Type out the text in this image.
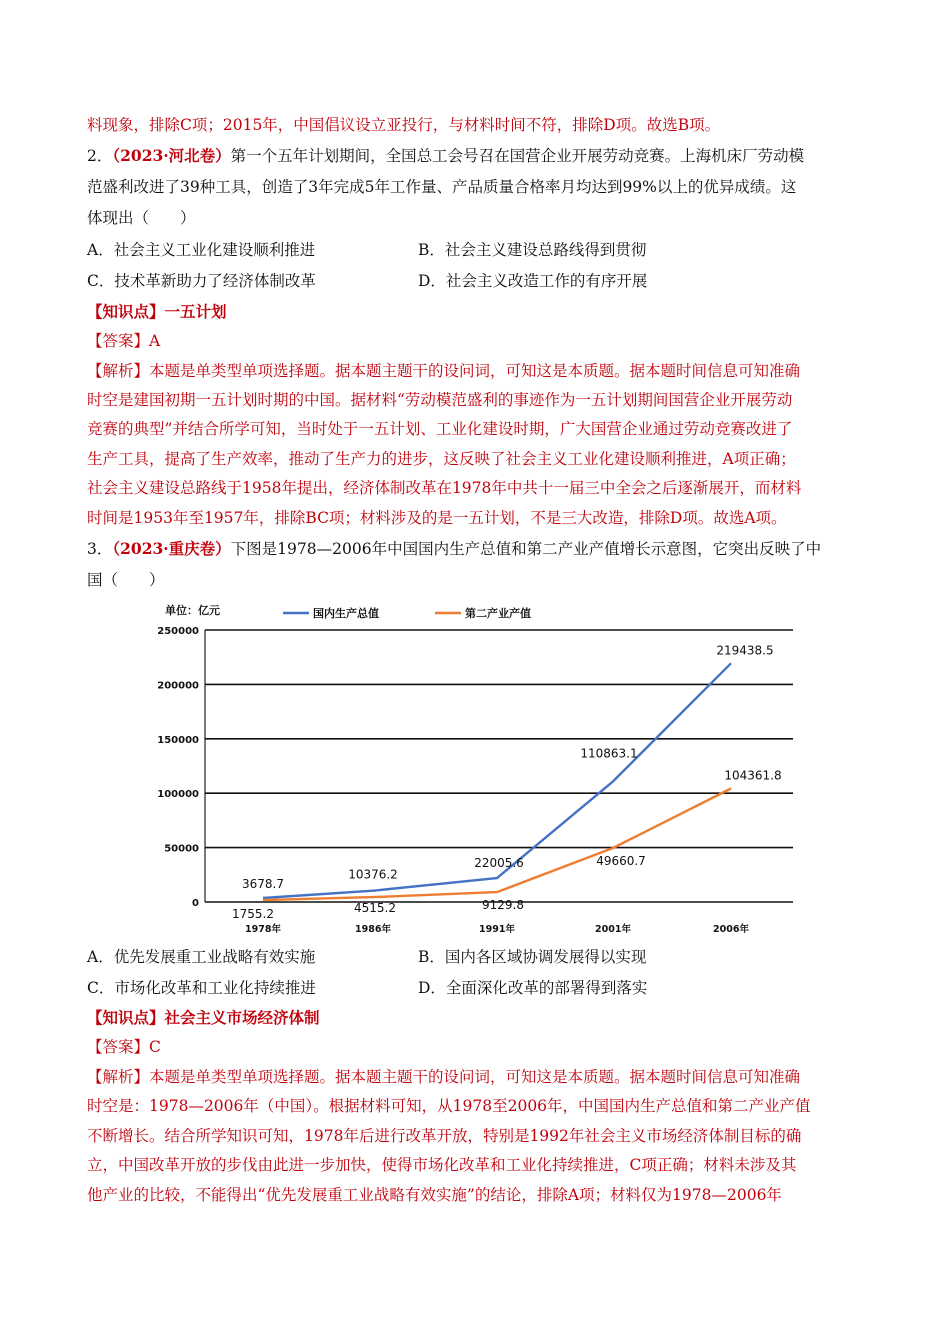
料现象，排除C项；2015年，中国倡议设立亚投行，与材料时间不符，排除D项。故选B项。
2．（2023·河北卷）第一个五年计划期间，全国总工会号召在国营企业开展劳动竞赛。上海机床厂劳动模
范盛利改进了39种工具，创造了3年完成5年工作量、产品质量合格率月均达到99%以上的优异成绩。这
体现出（　　）
A．社会主义工业化建设顺利推进	B．社会主义建设总路线得到贯彻
C．技术革新助力了经济体制改革	D．社会主义改造工作的有序开展
【知识点】一五计划
【答案】A
【解析】本题是单类型单项选择题。据本题主题干的设问词，可知这是本质题。据本题时间信息可知准确
时空是建国初期一五计划时期的中国。据材料“劳动模范盛利的事迹作为一五计划期间国营企业开展劳动
竞赛的典型”并结合所学可知，当时处于一五计划、工业化建设时期，广大国营企业通过劳动竞赛改进了
生产工具，提高了生产效率，推动了生产力的进步，这反映了社会主义工业化建设顺利推进，A项正确；
社会主义建设总路线于1958年提出，经济体制改革在1978年中共十一届三中全会之后逐渐展开，而材料
时间是1953年至1957年，排除BC项；材料涉及的是一五计划，不是三大改造，排除D项。故选A项。
3．（2023·重庆卷）下图是1978—2006年中国国内生产总值和第二产业产值增长示意图，它突出反映了中
国（　　）
单位：亿元	国内生产总值	第二产业产值
0
50000
100000
150000
200000
250000
1978年	1986年	1991年	2001年	2006年
3678.7
10376.2
22005.6
110863.1
219438.5
1755.2	4515.2	9129.8
49660.7
104361.8
A．优先发展重工业战略有效实施	B．国内各区域协调发展得以实现
C．市场化改革和工业化持续推进	D．全面深化改革的部署得到落实
【知识点】社会主义市场经济体制
【答案】C
【解析】本题是单类型单项选择题。据本题主题干的设问词，可知这是本质题。据本题时间信息可知准确
时空是：1978—2006年（中国）。根据材料可知，从1978至2006年，中国国内生产总值和第二产业产值
不断增长。结合所学知识可知，1978年后进行改革开放，特别是1992年社会主义市场经济体制目标的确
立，中国改革开放的步伐由此进一步加快，使得市场化改革和工业化持续推进，C项正确；材料未涉及其
他产业的比较，不能得出“优先发展重工业战略有效实施”的结论，排除A项；材料仅为1978—2006年
